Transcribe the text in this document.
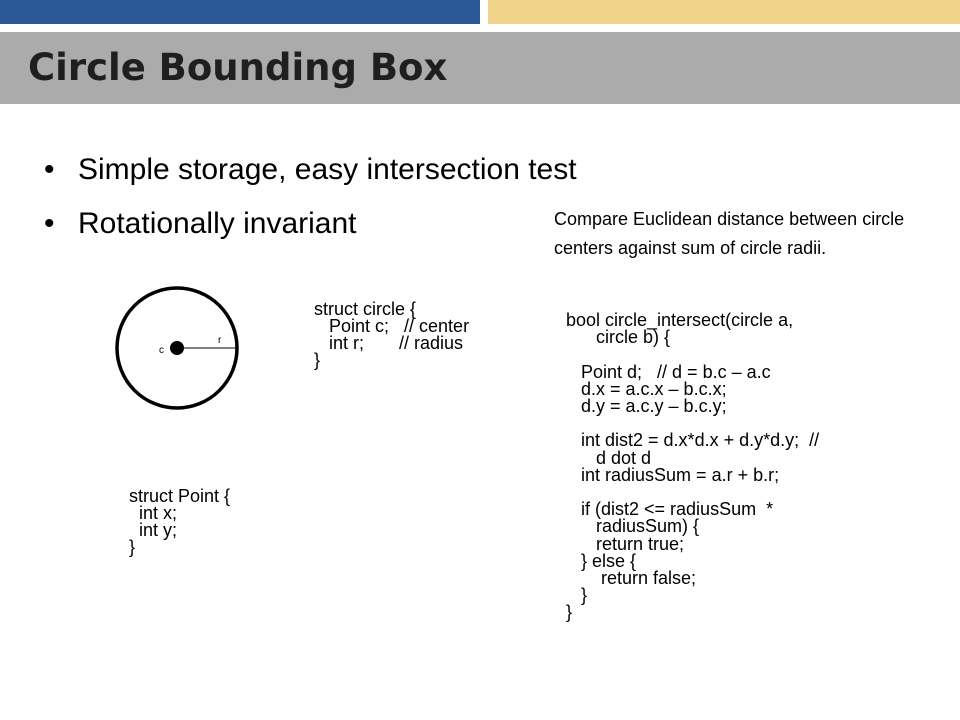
Circle Bounding Box
• Simple storage, easy intersection test
• Rotationally invariant	Compare Euclidean distance between circle centers against sum of circle radii.

c
r
struct circle {
Point c;   // center
int r;       // radius
}
struct Point {
int x;
int y;
}
bool circle_intersect(circle a,
circle b) {

Point d;   // d = b.c – a.c
d.x = a.c.x – b.c.x;
d.y = a.c.y – b.c.y;

int dist2 = d.x*d.x + d.y*d.y;  //
d dot d
int radiusSum = a.r + b.r;

if (dist2 <= radiusSum  *
radiusSum) {
return true;
} else {
return false;
}
}
